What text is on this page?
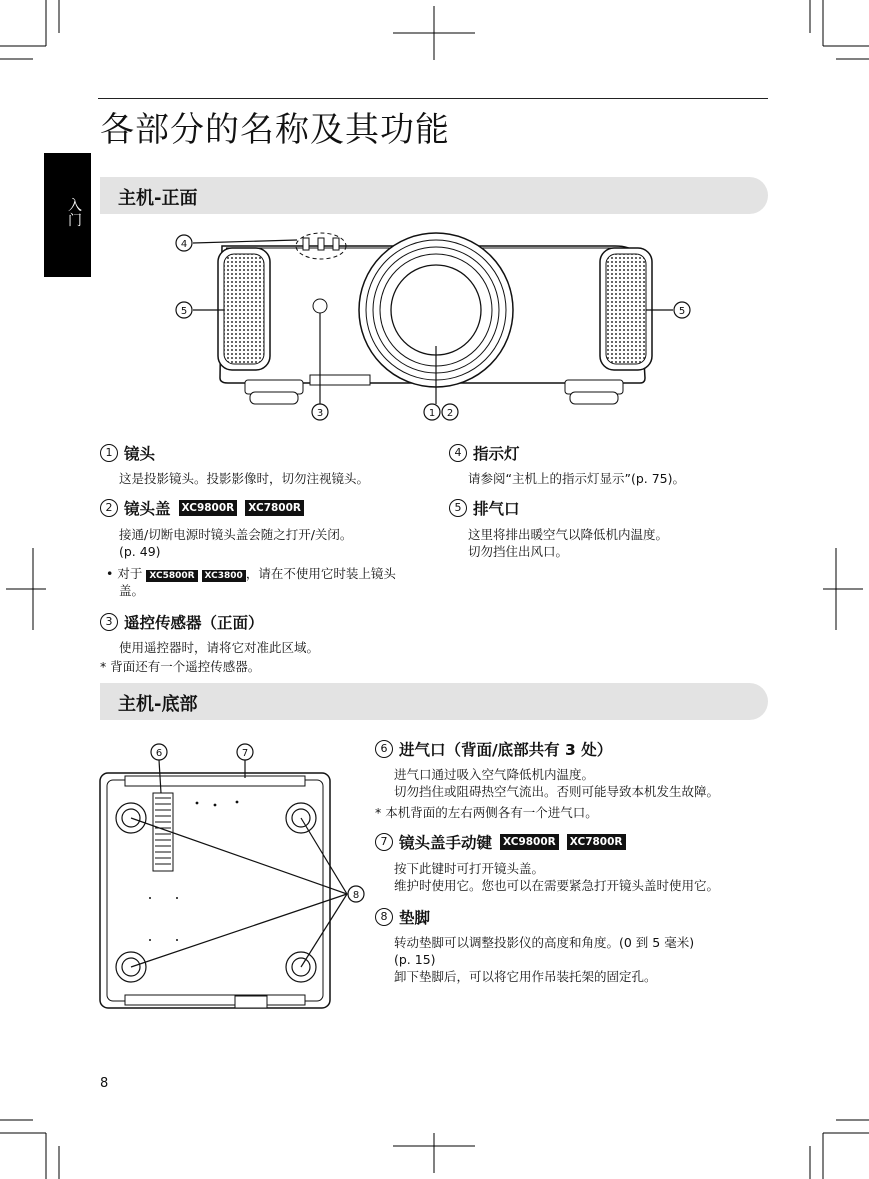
各部分的名称及其功能
入门
主机-正面
4
5	5
3	1 2
1 镜头
这是投影镜头。投影影像时，切勿注视镜头。
2 镜头盖 XC9800R XC7800R
接通/切断电源时镜头盖会随之打开/关闭。
(p. 49)
• 对于 XC5800R XC3800 ，请在不使用它时装上镜头
盖。
3 遥控传感器（正面）
使用遥控器时，请将它对准此区域。
* 背面还有一个遥控传感器。
4 指示灯
请参阅“主机上的指示灯显示”(p. 75)。
5 排气口
这里将排出暖空气以降低机内温度。
切勿挡住出风口。
主机-底部
6	7
8
6 进气口（背面/底部共有 3 处）
进气口通过吸入空气降低机内温度。
切勿挡住或阻碍热空气流出。否则可能导致本机发生故障。
* 本机背面的左右两侧各有一个进气口。
7 镜头盖手动键 XC9800R XC7800R
按下此键时可打开镜头盖。
维护时使用它。您也可以在需要紧急打开镜头盖时使用它。
8 垫脚
转动垫脚可以调整投影仪的高度和角度。(0 到 5 毫米)
(p. 15)
卸下垫脚后，可以将它用作吊装托架的固定孔。
8
